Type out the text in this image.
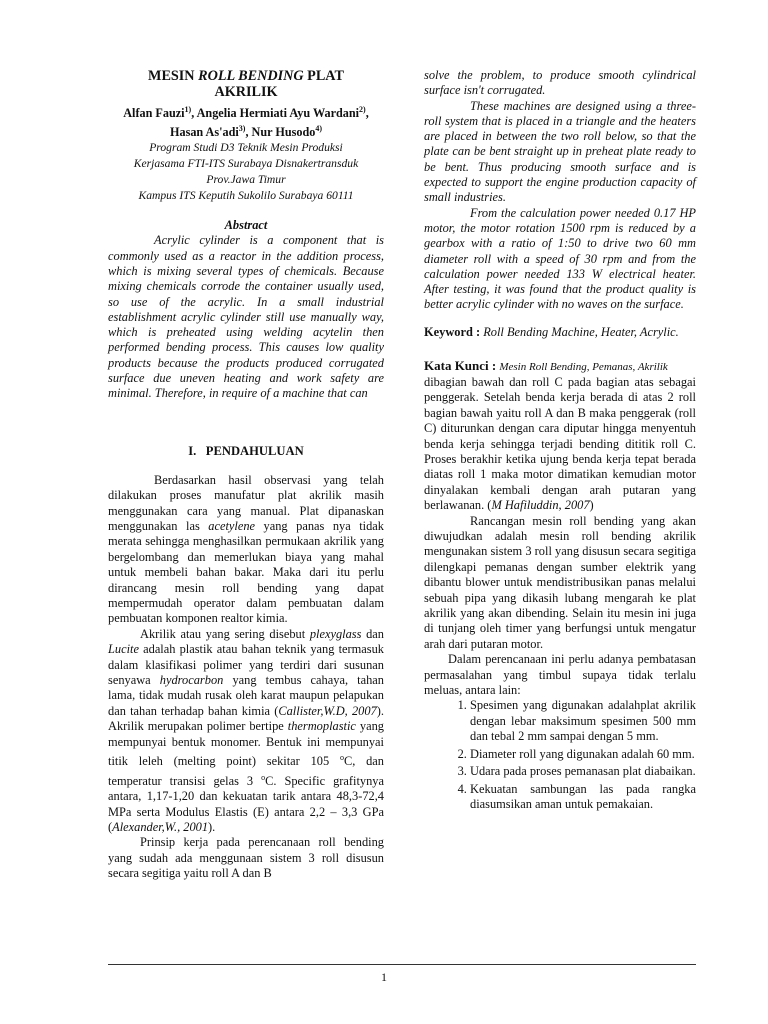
MESIN ROLL BENDING PLAT
AKRILIK

Alfan Fauzi$^{1)}$, Angelia Hermiati Ayu Wardani$^{2)}$,
Hasan As'adi$^{3)}$, Nur Husodo$^{4)}$

Program Studi D3 Teknik Mesin Produksi
Kerjasama FTI-ITS Surabaya Disnakertransduk
Prov.Jawa Timur
Kampus ITS Keputih Sukolilo Surabaya 60111

Abstract

Acrylic cylinder is a component that is commonly used as a reactor in the addition process, which is mixing several types of chemicals. Because mixing chemicals corrode the container usually used, so use of the acrylic. In a small industrial establishment acrylic cylinder still use manually way, which is preheated using welding acytelin then performed bending process. This causes low quality products because the products produced corrugated surface due uneven heating and work safety are minimal. Therefore, in require of a machine that can

I.   PENDAHULUAN

Berdasarkan hasil observasi yang telah dilakukan proses manufatur plat akrilik masih menggunakan cara yang manual. Plat dipanaskan menggunakan las acetylene yang panas nya tidak merata sehingga menghasilkan permukaan akrilik yang bergelombang dan memerlukan biaya yang mahal untuk membeli bahan bakar. Maka dari itu perlu dirancang mesin roll bending yang dapat mempermudah operator dalam pembuatan dalam pembuatan komponen realtor kimia.

Akrilik atau yang sering disebut plexyglass dan Lucite adalah plastik atau bahan teknik yang termasuk dalam klasifikasi polimer yang terdiri dari susunan senyawa hydrocarbon yang tembus cahaya, tahan lama, tidak mudah rusak oleh karat maupun pelapukan dan tahan terhadap bahan kimia (Callister,W.D, 2007). Akrilik merupakan polimer bertipe thermoplastic yang mempunyai bentuk monomer. Bentuk ini mempunyai titik leleh (melting point) sekitar 105 $^o$C, dan temperatur transisi gelas 3 $^o$C. Specific grafitynya antara, 1,17-1,20 dan kekuatan tarik antara 48,3-72,4 MPa serta Modulus Elastis (E) antara 2,2 – 3,3 GPa (Alexander,W., 2001).

Prinsip kerja pada perencanaan roll bending yang sudah ada menggunaan sistem 3 roll disusun secara segitiga yaitu roll A dan B

solve the problem, to produce smooth cylindrical surface isn't corrugated.

These machines are designed using a three-roll system that is placed in a triangle and the heaters are placed in between the two roll below, so that the plate can be bent straight up in preheat plate ready to be bent. Thus producing smooth surface and is expected to support the engine production capacity of small industries.

From the calculation power needed 0.17 HP motor, the motor rotation 1500 rpm is reduced by a gearbox with a ratio of 1:50 to drive two 60 mm diameter roll with a speed of 30 rpm and from the calculation power needed 133 W electrical heater. After testing, it was found that the product quality is better acrylic cylinder with no waves on the surface.

Keyword : Roll Bending Machine, Heater, Acrylic.

Kata Kunci : Mesin Roll Bending, Pemanas, Akrilik

dibagian bawah dan roll C pada bagian atas sebagai penggerak. Setelah benda kerja berada di atas 2 roll bagian bawah yaitu roll A dan B maka penggerak (roll C) diturunkan dengan cara diputar hingga menyentuh benda kerja sehingga terjadi bending dititik roll C. Proses berakhir ketika ujung benda kerja tepat berada diatas roll 1 maka motor dimatikan kemudian motor dinyalakan kembali dengan arah putaran yang berlawanan. (M Hafiluddin, 2007)

Rancangan mesin roll bending yang akan diwujudkan adalah mesin roll bending akrilik mengunakan sistem 3 roll yang disusun secara segitiga dilengkapi pemanas dengan sumber elektrik yang dibantu blower untuk mendistribusikan panas melalui sebuah pipa yang dikasih lubang mengarah ke plat akrilik yang akan dibending. Selain itu mesin ini juga di tunjang oleh timer yang berfungsi untuk mengatur arah dari putaran motor.

Dalam perencanaan ini perlu adanya pembatasan permasalahan yang timbul supaya tidak terlalu meluas, antara lain:

1. Spesimen yang digunakan adalahplat akrilik dengan lebar maksimum spesimen 500 mm dan tebal 2 mm sampai dengan 5 mm.
2. Diameter roll yang digunakan adalah 60 mm.
3. Udara pada proses pemanasan plat diabaikan.
4. Kekuatan sambungan las pada rangka diasumsikan aman untuk pemakaian.
1
